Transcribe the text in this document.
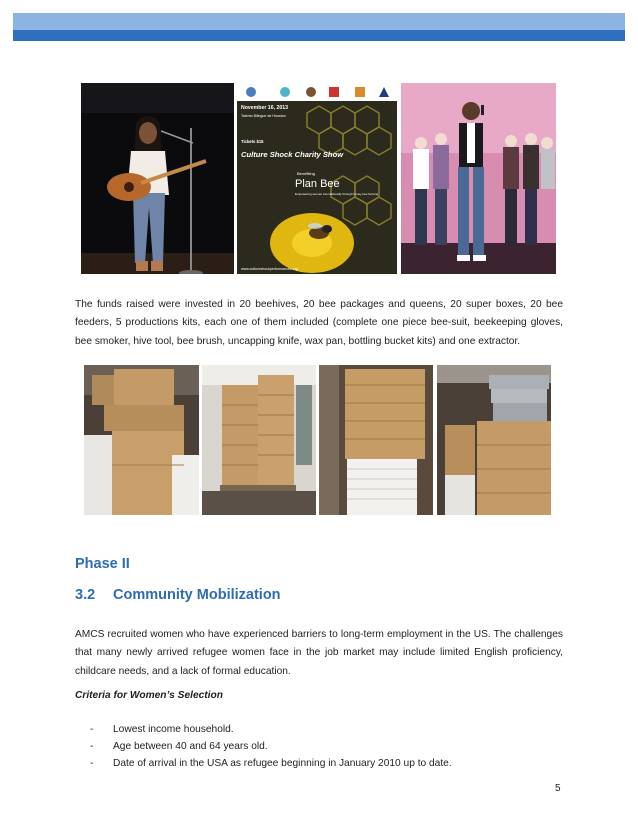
November 16, 2013
Talento Bilingue de Houston
Tickets $15
Culture Shock Charity Show
Benefiting
Plan Bee
Empowering women internationally through honey bee farming
www.cultureshockperformances.org
The funds raised were invested in 20 beehives, 20 bee packages and queens, 20 super boxes, 20 bee feeders, 5 productions kits, each one of them included (complete one piece bee-suit, beekeeping gloves, bee smoker, hive tool, bee brush, uncapping knife, wax pan, bottling bucket kits) and one extractor.
Phase II
3.2 Community Mobilization
AMCS recruited women who have experienced barriers to long-term employment in the US. The challenges that many newly arrived refugee women face in the job market may include limited English proficiency, childcare needs, and a lack of formal education.
Criteria for Women’s Selection
-	Lowest income household.
-	Age between 40 and 64 years old.
-	Date of arrival in the USA as refugee beginning in January 2010 up to date.
5
